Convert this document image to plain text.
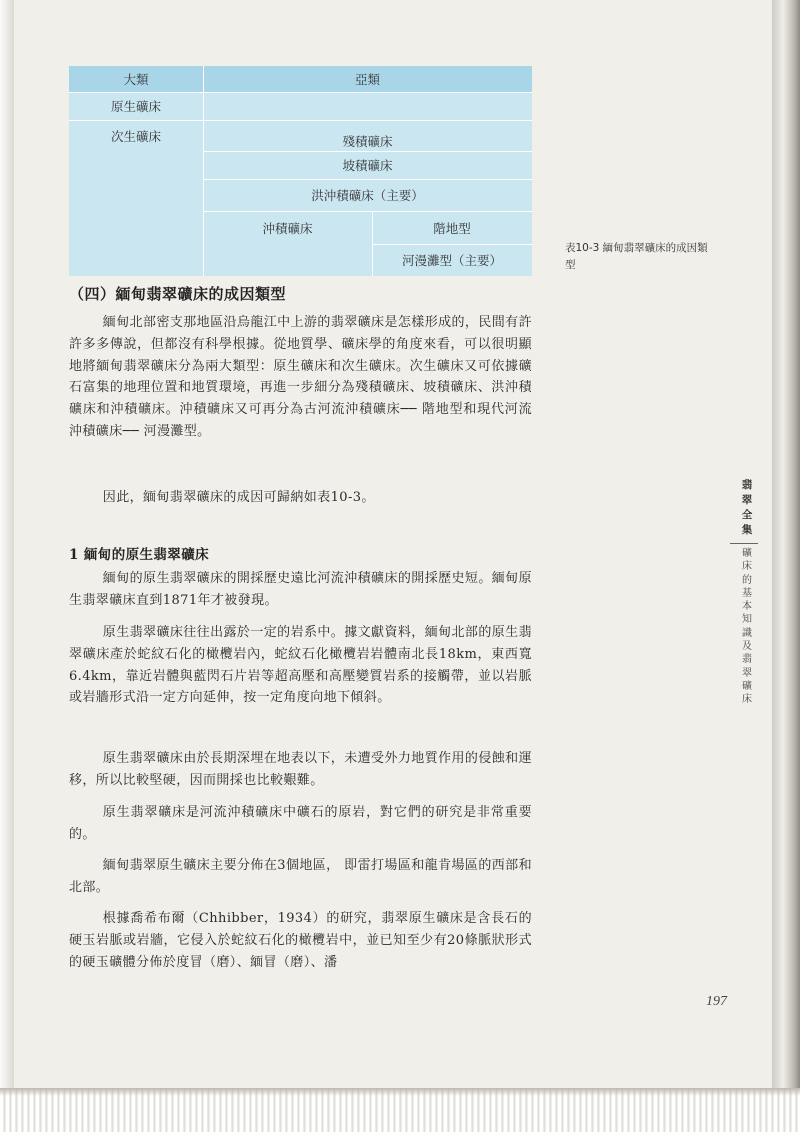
大類	亞類
原生礦床
次生礦床	殘積礦床
坡積礦床
洪沖積礦床（主要）
沖積礦床	階地型
河漫灘型（主要）
表10-3 緬甸翡翠礦床的成因類型
（四）緬甸翡翠礦床的成因類型

緬甸北部密支那地區沿烏龍江中上游的翡翠礦床是怎樣形成的，民間有許許多多傳說，但都沒有科學根據。從地質學、礦床學的角度來看，可以很明顯地將緬甸翡翠礦床分為兩大類型：原生礦床和次生礦床。次生礦床又可依據礦石富集的地理位置和地質環境，再進一步細分為殘積礦床、坡積礦床、洪沖積礦床和沖積礦床。沖積礦床又可再分為古河流沖積礦床── 階地型和現代河流沖積礦床── 河漫灘型。

因此，緬甸翡翠礦床的成因可歸納如表10-3。

1 緬甸的原生翡翠礦床

緬甸的原生翡翠礦床的開採歷史遠比河流沖積礦床的開採歷史短。緬甸原生翡翠礦床直到1871年才被發現。

原生翡翠礦床往往出露於一定的岩系中。據文獻資料，緬甸北部的原生翡翠礦床產於蛇紋石化的橄欖岩內，蛇紋石化橄欖岩岩體南北長18km，東西寬6.4km，靠近岩體與藍閃石片岩等超高壓和高壓變質岩系的接觸帶，並以岩脈或岩牆形式沿一定方向延伸，按一定角度向地下傾斜。

原生翡翠礦床由於長期深埋在地表以下，未遭受外力地質作用的侵蝕和運移，所以比較堅硬，因而開採也比較艱難。

原生翡翠礦床是河流沖積礦床中礦石的原岩，對它們的研究是非常重要的。

緬甸翡翠原生礦床主要分佈在3個地區， 即雷打場區和龍肯場區的西部和北部。

根據喬希布爾（Chhibber，1934）的研究，翡翠原生礦床是含長石的硬玉岩脈或岩牆，它侵入於蛇紋石化的橄欖岩中，並已知至少有20條脈狀形式的硬玉礦體分佈於度冒（磨）、緬冒（磨）、潘

翡翠全集
礦床的基本知識及翡翠礦床
197
